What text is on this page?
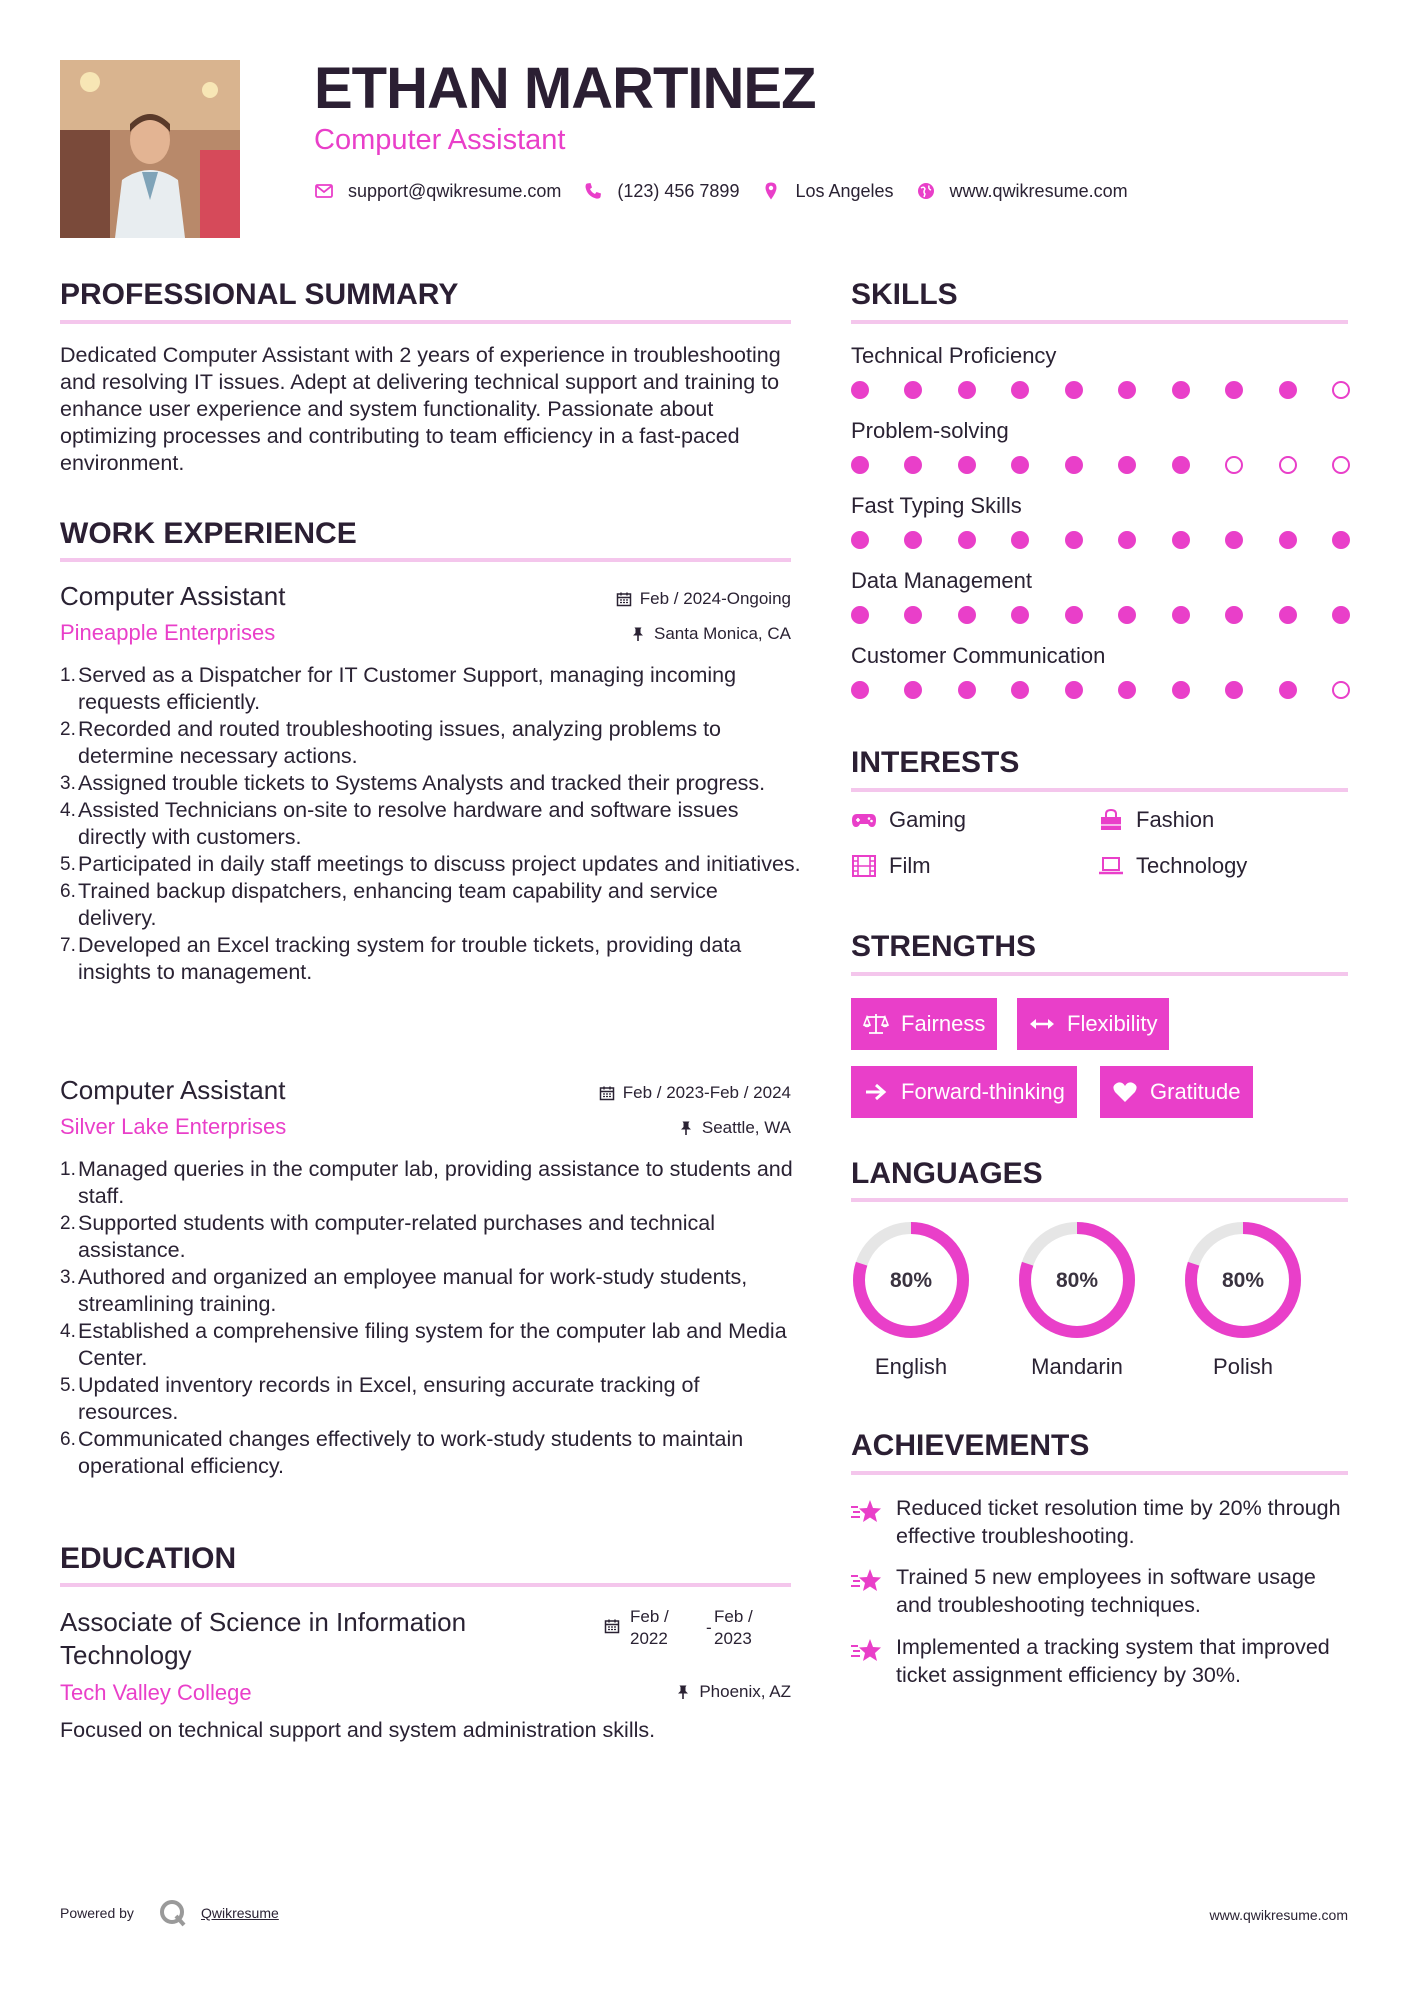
ETHAN MARTINEZ
Computer Assistant
support@qwikresume.com	(123) 456 7899	Los Angeles	www.qwikresume.com
PROFESSIONAL SUMMARY
Dedicated Computer Assistant with 2 years of experience in troubleshooting and resolving IT issues. Adept at delivering technical support and training to enhance user experience and system functionality. Passionate about optimizing processes and contributing to team efficiency in a fast-paced environment.
WORK EXPERIENCE
Computer Assistant	Feb / 2024-Ongoing
Pineapple Enterprises	Santa Monica, CA
Served as a Dispatcher for IT Customer Support, managing incoming requests efficiently.
Recorded and routed troubleshooting issues, analyzing problems to determine necessary actions.
Assigned trouble tickets to Systems Analysts and tracked their progress.
Assisted Technicians on-site to resolve hardware and software issues directly with customers.
Participated in daily staff meetings to discuss project updates and initiatives.
Trained backup dispatchers, enhancing team capability and service delivery.
Developed an Excel tracking system for trouble tickets, providing data insights to management.
Computer Assistant	Feb / 2023-Feb / 2024
Silver Lake Enterprises	Seattle, WA
Managed queries in the computer lab, providing assistance to students and staff.
Supported students with computer-related purchases and technical assistance.
Authored and organized an employee manual for work-study students, streamlining training.
Established a comprehensive filing system for the computer lab and Media Center.
Updated inventory records in Excel, ensuring accurate tracking of resources.
Communicated changes effectively to work-study students to maintain operational efficiency.
EDUCATION
Associate of Science in Information
Technology
Feb /
2022
-
Feb /
2023
Tech Valley College	Phoenix, AZ
Focused on technical support and system administration skills.
SKILLS
Technical Proficiency
Problem-solving
Fast Typing Skills
Data Management
Customer Communication
INTERESTS
Gaming	Fashion
Film	Technology
STRENGTHS
Fairness	Flexibility
Forward-thinking	Gratitude
LANGUAGES
80%
English
80%
Mandarin
80%
Polish
ACHIEVEMENTS
Reduced ticket resolution time by 20% through effective troubleshooting.
Trained 5 new employees in software usage and troubleshooting techniques.
Implemented a tracking system that improved ticket assignment efficiency by 30%.
Powered by	Qwikresume	www.qwikresume.com
